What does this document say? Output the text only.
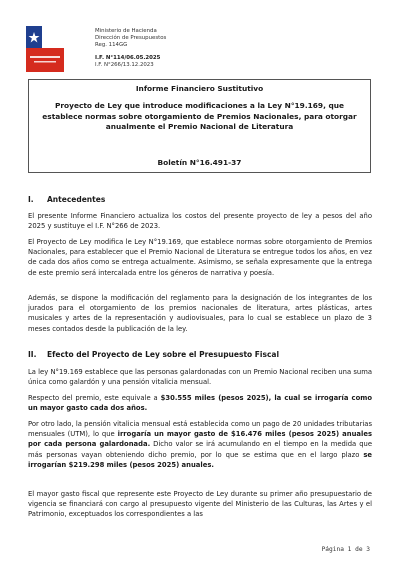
Ministerio de Hacienda
Dirección de Presupuestos
Reg. 114GG
I.F. N°114/06.05.2025
I.F. N°266/13.12.2023
Informe Financiero Sustitutivo
Proyecto de Ley que introduce modificaciones a la Ley N°19.169, que establece normas sobre otorgamiento de Premios Nacionales, para otorgar anualmente el Premio Nacional de Literatura
Boletín N°16.491-37
I.	Antecedentes

El presente Informe Financiero actualiza los costos del presente proyecto de ley a pesos del año 2025 y sustituye el I.F. N°266 de 2023.

El Proyecto de Ley modifica le Ley N°19.169, que establece normas sobre otorgamiento de Premios Nacionales, para establecer que el Premio Nacional de Literatura se entregue todos los años, en vez de cada dos años como se entrega actualmente. Asimismo, se señala expresamente que la entrega de este premio será intercalada entre los géneros de narrativa y poesía.

Además, se dispone la modificación del reglamento para la designación de los integrantes de los jurados para el otorgamiento de los premios nacionales de literatura, artes plásticas, artes musicales y artes de la representación y audiovisuales, para lo cual se establece un plazo de 3 meses contados desde la publicación de la ley.

II.	Efecto del Proyecto de Ley sobre el Presupuesto Fiscal

La ley N°19.169 establece que las personas galardonadas con un Premio Nacional reciben una suma única como galardón y una pensión vitalicia mensual.

Respecto del premio, este equivale a $30.555 miles (pesos 2025), la cual se irrogaría como un mayor gasto cada dos años.

Por otro lado, la pensión vitalicia mensual está establecida como un pago de 20 unidades tributarias mensuales (UTM), lo que irrogaría un mayor gasto de $16.476 miles (pesos 2025) anuales por cada persona galardonada. Dicho valor se irá acumulando en el tiempo en la medida que más personas vayan obteniendo dicho premio, por lo que se estima que en el largo plazo se irrogarían $219.298 miles (pesos 2025) anuales.

El mayor gasto fiscal que represente este Proyecto de Ley durante su primer año presupuestario de vigencia se financiará con cargo al presupuesto vigente del Ministerio de las Culturas, las Artes y el Patrimonio, exceptuados los correspondientes a las

Página 1 de 3
